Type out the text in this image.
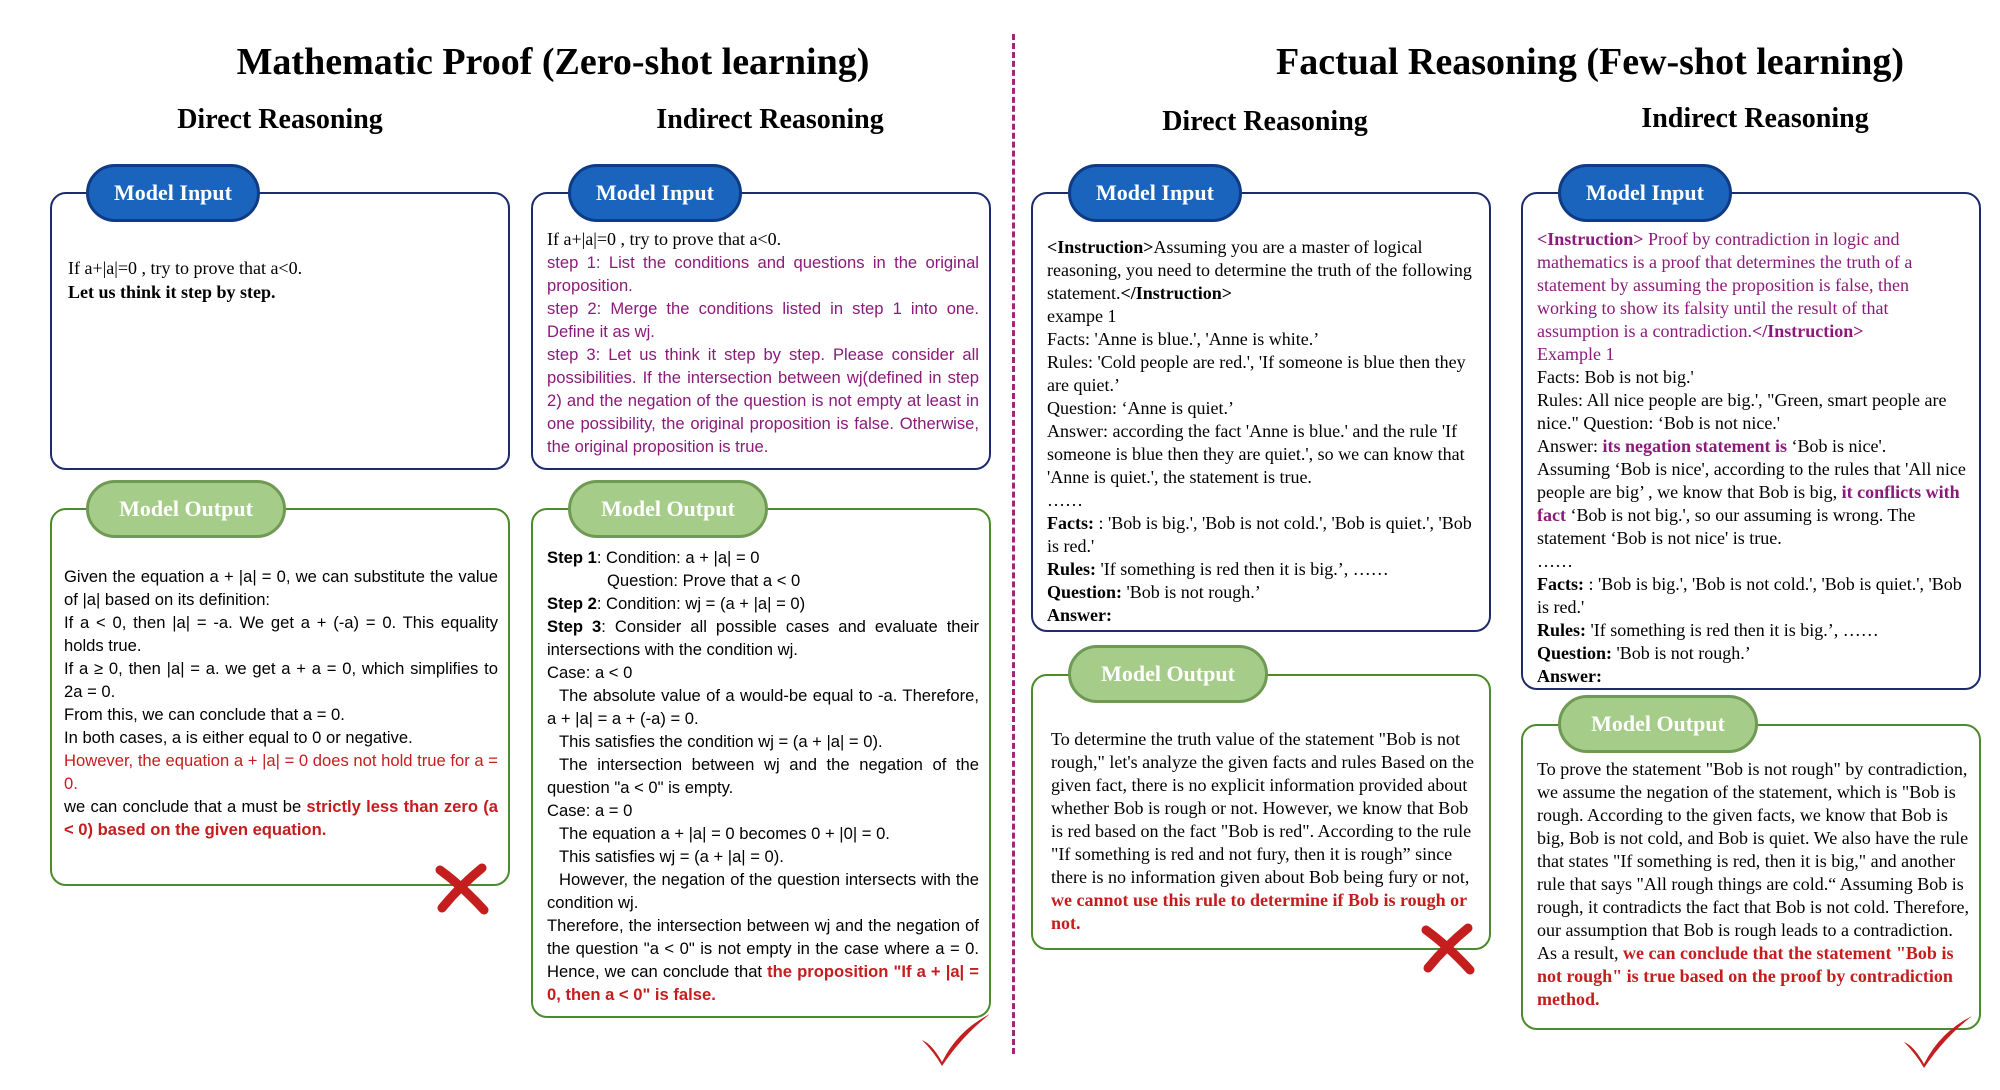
Mathematic Proof (Zero-shot learning)	Factual Reasoning (Few-shot learning)
Direct Reasoning	Indirect Reasoning	Direct Reasoning	Indirect Reasoning
If a+|a|=0 , try to prove that a<0.
Let us think it step by step.
Model Input
Given the equation a + |a| = 0, we can substitute the value of |a| based on its definition:
If a < 0, then |a| = -a. We get a + (-a) = 0. This equality holds true.
If a ≥ 0, then |a| = a. we get a + a = 0, which simplifies to 2a = 0.
From this, we can conclude that a = 0.
In both cases, a is either equal to 0 or negative.
However, the equation a + |a| = 0 does not hold true for a = 0.
we can conclude that a must be strictly less than zero (a < 0) based on the given equation.
Model Output
If a+|a|=0 , try to prove that a<0.
step 1: List the conditions and questions in the original proposition.
step 2: Merge the conditions listed in step 1 into one. Define it as wj.
step 3: Let us think it step by step. Please consider all possibilities. If the intersection between wj(defined in step 2) and the negation of the question is not empty at least in one possibility, the original proposition is false. Otherwise, the original proposition is true.
Model Input
Step 1: Condition: a + |a| = 0
Question: Prove that a < 0
Step 2: Condition: wj = (a + |a| = 0)
Step 3: Consider all possible cases and evaluate their intersections with the condition wj.
Case: a < 0
The absolute value of a would-be equal to -a. Therefore, a + |a| = a + (-a) = 0.
This satisfies the condition wj = (a + |a| = 0).
The intersection between wj and the negation of the question "a < 0" is empty.
Case: a = 0
The equation a + |a| = 0 becomes 0 + |0| = 0.
This satisfies wj = (a + |a| = 0).
However, the negation of the question intersects with the condition wj.
Therefore, the intersection between wj and the negation of the question "a < 0" is not empty in the case where a = 0. Hence, we can conclude that the proposition "If a + |a| = 0, then a < 0" is false.
Model Output
<Instruction>Assuming you are a master of logical reasoning, you need to determine the truth of the following statement.</Instruction>
exampe 1
Facts: 'Anne is blue.', 'Anne is white.’
Rules: 'Cold people are red.', 'If someone is blue then they are quiet.’
Question: ‘Anne is quiet.’
Answer: according the fact 'Anne is blue.' and the rule 'If someone is blue then they are quiet.', so we can know that 'Anne is quiet.', the statement is true.
……
Facts: : 'Bob is big.', 'Bob is not cold.', 'Bob is quiet.', 'Bob is red.'
Rules: 'If something is red then it is big.’, ……
Question: 'Bob is not rough.’
Answer:
Model Input
To determine the truth value of the statement "Bob is not rough," let's analyze the given facts and rules Based on the given fact, there is no explicit information provided about whether Bob is rough or not. However, we know that Bob is red based on the fact "Bob is red". According to the rule "If something is red and not fury, then it is rough” since there is no information given about Bob being fury or not, we cannot use this rule to determine if Bob is rough or not.
Model Output
<Instruction> Proof by contradiction in logic and mathematics is a proof that determines the truth of a statement by assuming the proposition is false, then working to show its falsity until the result of that assumption is a contradiction.</Instruction>
Example 1
Facts: Bob is not big.'
Rules: All nice people are big.', "Green, smart people are nice." Question: ‘Bob is not nice.'
Answer: its negation statement is ‘Bob is nice'.
Assuming ‘Bob is nice', according to the rules that 'All nice people are big’ , we know that Bob is big, it conflicts with fact ‘Bob is not big.', so our assuming is wrong. The statement ‘Bob is not nice' is true.
……
Facts: : 'Bob is big.', 'Bob is not cold.', 'Bob is quiet.', 'Bob is red.'
Rules: 'If something is red then it is big.’, ……
Question: 'Bob is not rough.’
Answer:
Model Input
To prove the statement "Bob is not rough" by contradiction, we assume the negation of the statement, which is "Bob is rough. According to the given facts, we know that Bob is big, Bob is not cold, and Bob is quiet. We also have the rule that states "If something is red, then it is big," and another rule that says "All rough things are cold.“ Assuming Bob is rough, it contradicts the fact that Bob is not cold. Therefore, our assumption that Bob is rough leads to a contradiction. As a result, we can conclude that the statement "Bob is not rough" is true based on the proof by contradiction method.
Model Output
